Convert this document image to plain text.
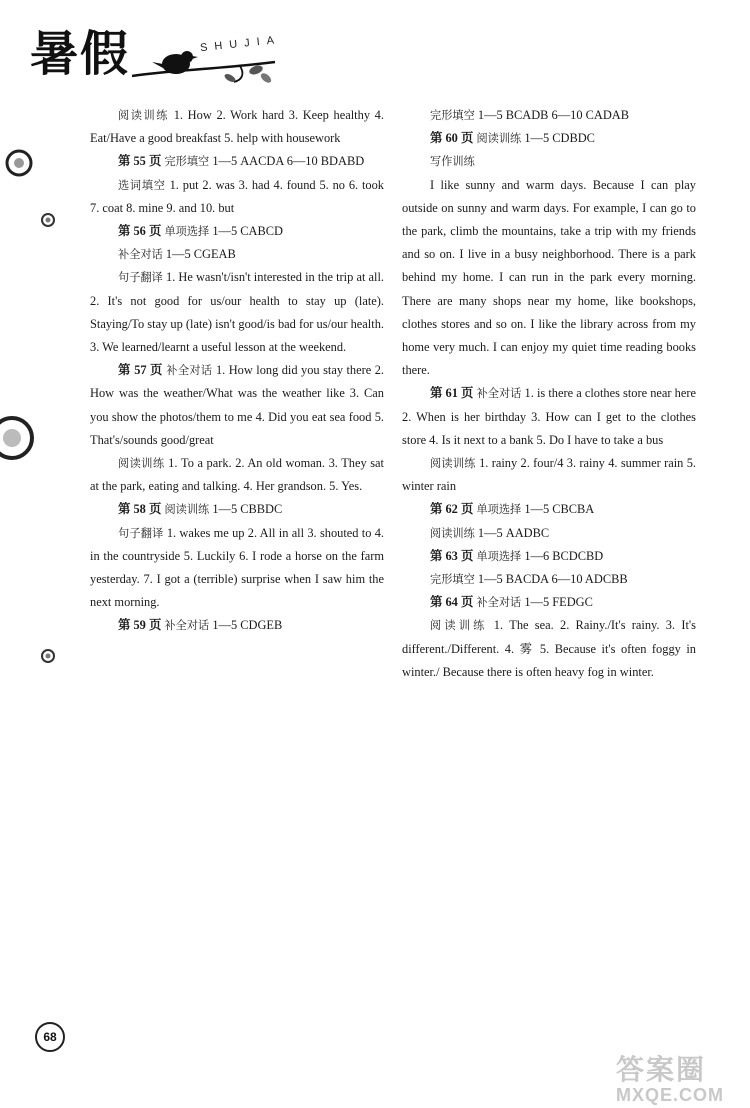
暑假	SHUJIA

阅读训练 1. How 2. Work hard 3. Keep healthy 4. Eat/Have a good breakfast 5. help with housework

第 55 页 完形填空 1—5 AACDA 6—10 BDABD

选词填空 1. put 2. was 3. had 4. found 5. no 6. took 7. coat 8. mine 9. and 10. but

第 56 页 单项选择 1—5 CABCD

补全对话 1—5 CGEAB

句子翻译 1. He wasn't/isn't interested in the trip at all. 2. It's not good for us/our health to stay up (late). Staying/To stay up (late) isn't good/is bad for us/our health. 3. We learned/learnt a useful lesson at the weekend.

第 57 页 补全对话 1. How long did you stay there 2. How was the weather/What was the weather like 3. Can you show the photos/them to me 4. Did you eat sea food 5. That's/sounds good/great

阅读训练 1. To a park. 2. An old woman. 3. They sat at the park, eating and talking. 4. Her grandson. 5. Yes.

第 58 页 阅读训练 1—5 CBBDC

句子翻译 1. wakes me up 2. All in all 3. shouted to 4. in the countryside 5. Luckily 6. I rode a horse on the farm yesterday. 7. I got a (terrible) surprise when I saw him the next morning.

第 59 页 补全对话 1—5 CDGEB

完形填空 1—5 BCADB 6—10 CADAB

第 60 页 阅读训练 1—5 CDBDC

写作训练

I like sunny and warm days. Because I can play outside on sunny and warm days. For example, I can go to the park, climb the mountains, take a trip with my friends and so on. I live in a busy neighborhood. There is a park behind my home. I can run in the park every morning. There are many shops near my home, like bookshops, clothes stores and so on. I like the library across from my home very much. I can enjoy my quiet time reading books there.

第 61 页 补全对话 1. is there a clothes store near here 2. When is her birthday 3. How can I get to the clothes store 4. Is it next to a bank 5. Do I have to take a bus

阅读训练 1. rainy 2. four/4 3. rainy 4. summer rain 5. winter rain

第 62 页 单项选择 1—5 CBCBA

阅读训练 1—5 AADBC

第 63 页 单项选择 1—6 BCDCBD

完形填空 1—5 BACDA 6—10 ADCBB

第 64 页 补全对话 1—5 FEDGC

阅读训练 1. The sea. 2. Rainy./It's rainy. 3. It's different./Different. 4. 雾 5. Because it's often foggy in winter./ Because there is often heavy fog in winter.

68
答案圈
MXQE.COM
